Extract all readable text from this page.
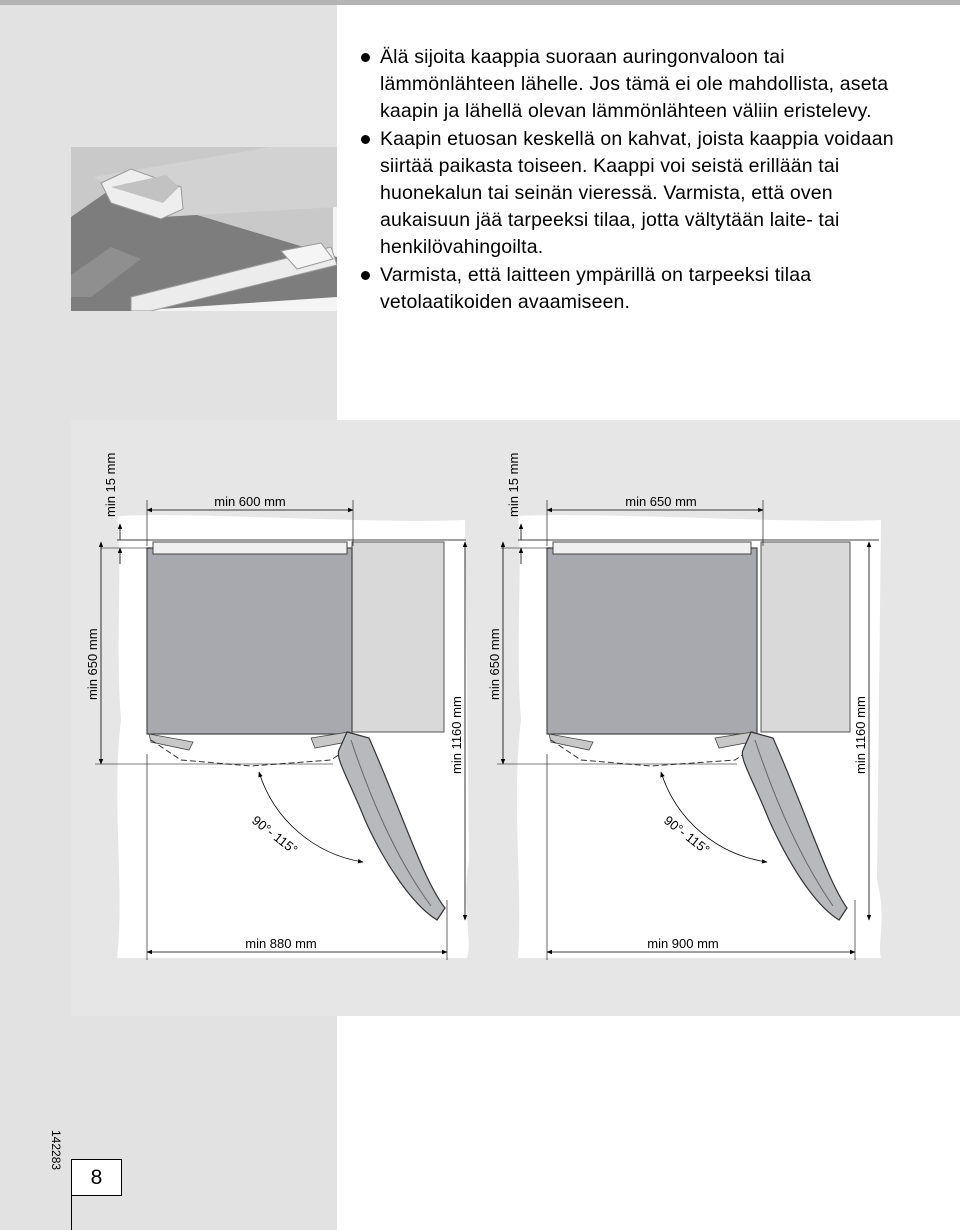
Älä sijoita kaappia suoraan auringonvaloon tai lämmönlähteen lähelle. Jos tämä ei ole mahdollista, aseta kaapin ja lähellä olevan lämmönlähteen väliin eristelevy.
Kaapin etuosan keskellä on kahvat, joista kaappia voidaan siirtää paikasta toiseen. Kaappi voi seistä erillään tai huonekalun tai seinän vieressä. Varmista, että oven aukaisuun jää tarpeeksi tilaa, jotta vältytään laite- tai henkilövahingoilta.
Varmista, että laitteen ympärillä on tarpeeksi tilaa vetolaatikoiden avaamiseen.
min 600 mm
min 15 mm
min 650 mm
min 1160 mm
90°- 115°
min 880 mm
min 650 mm
min 15 mm
min 650 mm
min 1160 mm
90°- 115°
min 900 mm
142283
8
